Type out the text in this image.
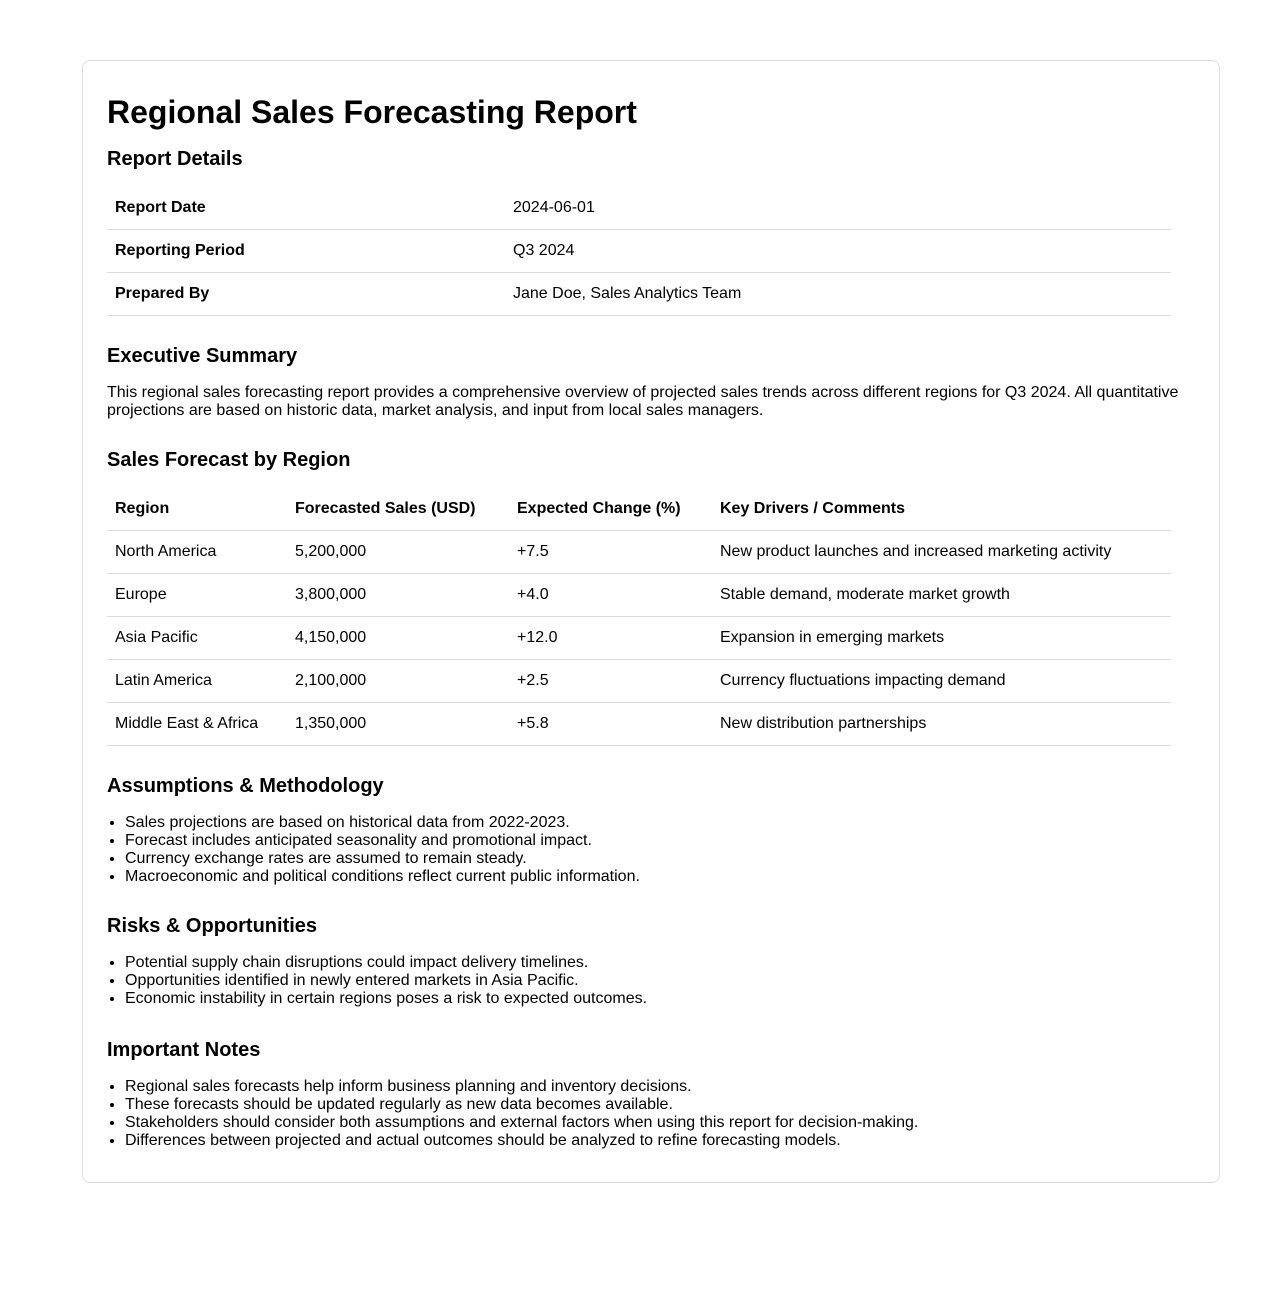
Regional Sales Forecasting Report
Report Details
Report Date	2024-06-01
Reporting Period	Q3 2024
Prepared By	Jane Doe, Sales Analytics Team
Executive Summary

This regional sales forecasting report provides a comprehensive overview of projected sales trends across different regions for Q3 2024. All quantitative projections are based on historic data, market analysis, and input from local sales managers.

Sales Forecast by Region
Region	Forecasted Sales (USD)	Expected Change (%)	Key Drivers / Comments
North America	5,200,000	+7.5	New product launches and increased marketing activity
Europe	3,800,000	+4.0	Stable demand, moderate market growth
Asia Pacific	4,150,000	+12.0	Expansion in emerging markets
Latin America	2,100,000	+2.5	Currency fluctuations impacting demand
Middle East & Africa	1,350,000	+5.8	New distribution partnerships
Assumptions & Methodology
• Sales projections are based on historical data from 2022-2023.
• Forecast includes anticipated seasonality and promotional impact.
• Currency exchange rates are assumed to remain steady.
• Macroeconomic and political conditions reflect current public information.
Risks & Opportunities
• Potential supply chain disruptions could impact delivery timelines.
• Opportunities identified in newly entered markets in Asia Pacific.
• Economic instability in certain regions poses a risk to expected outcomes.
Important Notes
• Regional sales forecasts help inform business planning and inventory decisions.
• These forecasts should be updated regularly as new data becomes available.
• Stakeholders should consider both assumptions and external factors when using this report for decision-making.
• Differences between projected and actual outcomes should be analyzed to refine forecasting models.
